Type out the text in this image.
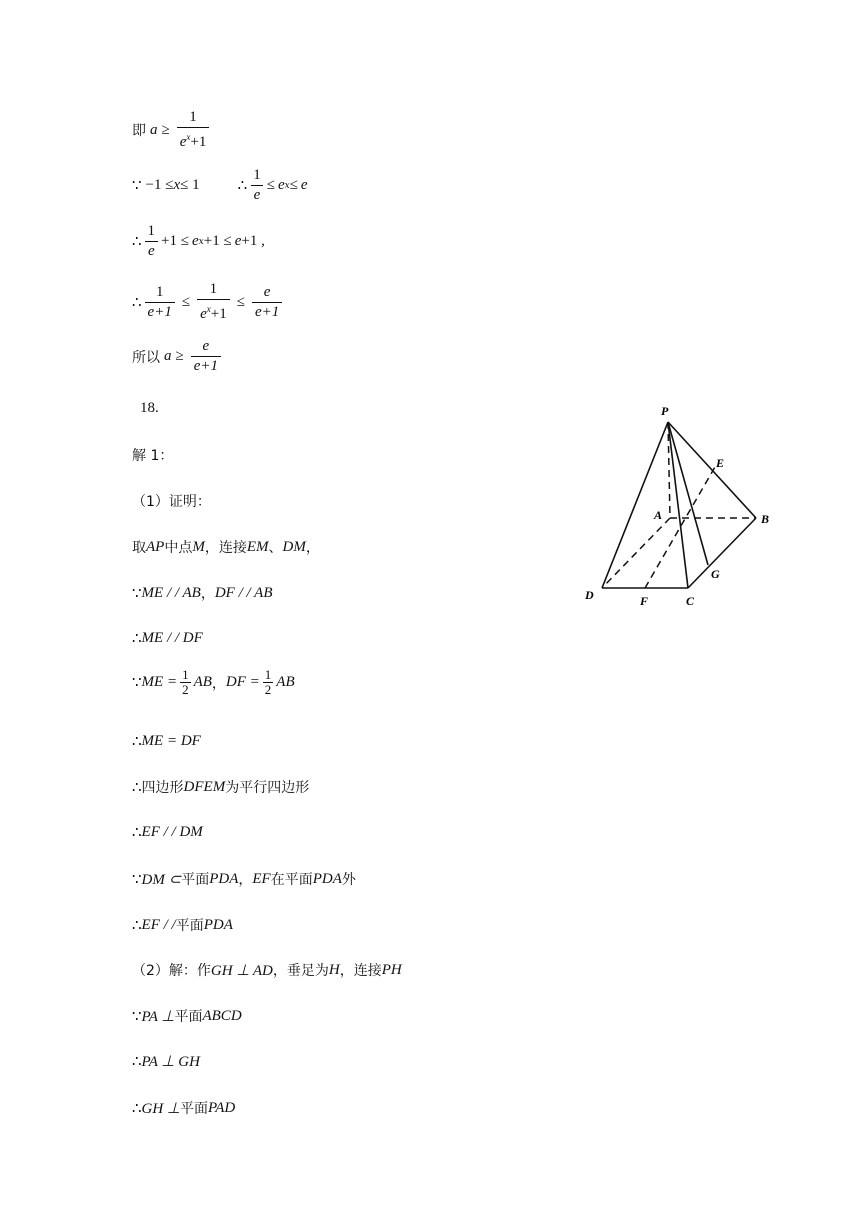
即 $a \ge \frac{1}{e^x+1}$
∵ −1 ≤ x ≤ 1	∴ $\frac{1}{e} \le e$ x ≤ e
∴ $\frac{1}{e} +1 \le e$ x +1 ≤ e +1 ,
∴ $\frac{1}{e+1} \le \frac{1}{e^x+1} \le \frac{e}{e+1}$
所以 $a \ge \frac{e}{e+1}$
18.
解 1：
（1）证明：
取 AP 中点 M ，连接 EM 、 DM ，
∵ ME / / AB ， DF / / AB
∴ ME / / DF
∵ ME = $\frac{1}{2}$ AB ， DF = $\frac{1}{2}$ AB
∴ ME = DF
∴ 四边形 DFEM 为平行四边形
∴ EF / / DM
∵ DM ⊂ 平面 PDA ， EF 在平面 PDA 外
∴ EF / / 平面 PDA
（2）解：作 GH ⊥ AD ，垂足为 H ，连接 PH
∵ PA ⊥ 平面 ABCD
∴ PA ⊥ GH
∴ GH ⊥ 平面 PAD
P
E
A	B
D	F	C
G
